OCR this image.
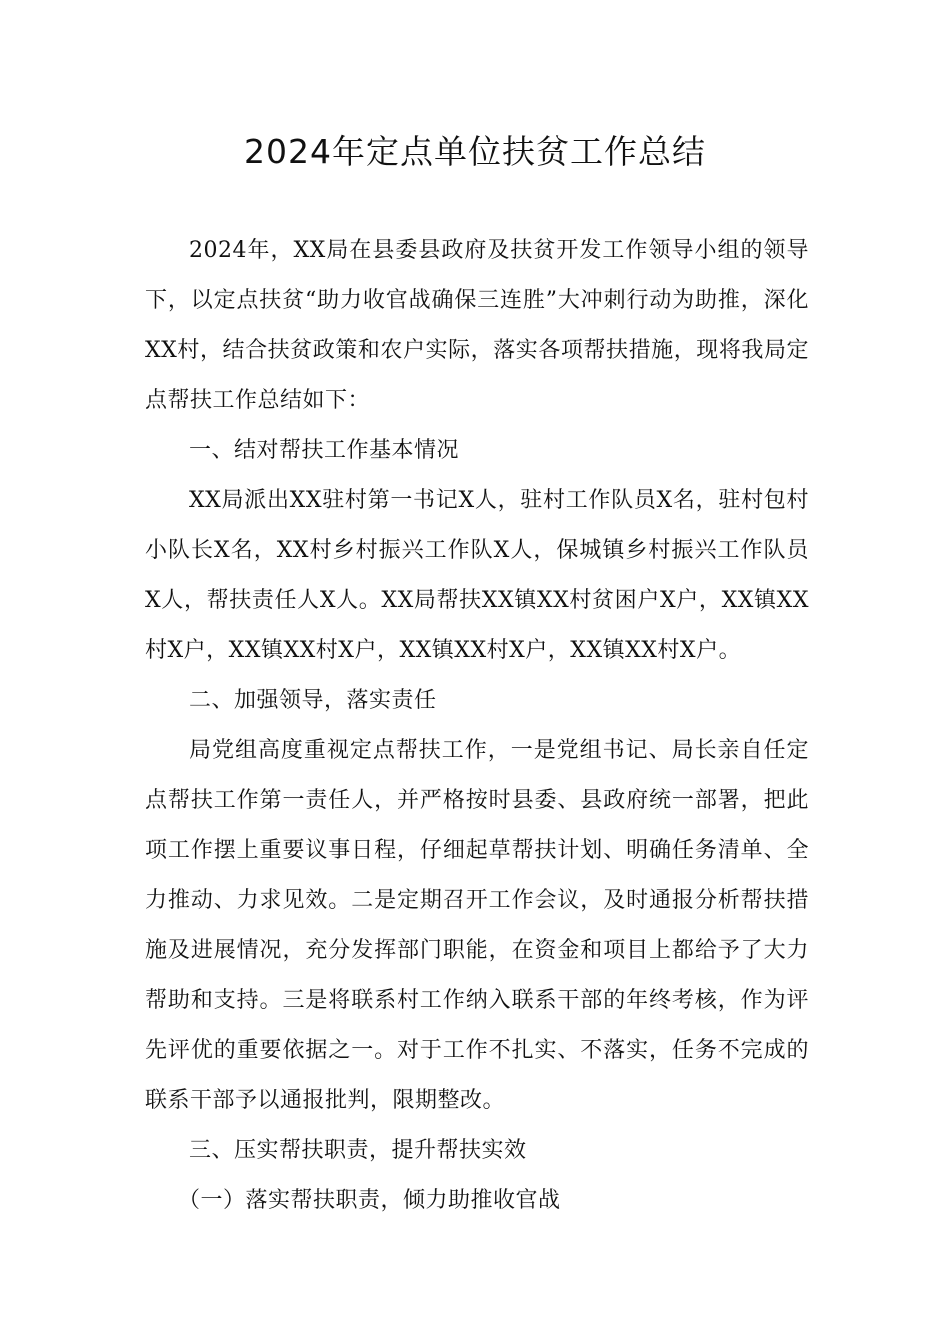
2024年定点单位扶贫工作总结

2024年，XX局在县委县政府及扶贫开发工作领导小组的领导下，以定点扶贫“助力收官战确保三连胜”大冲刺行动为助推，深化XX村，结合扶贫政策和农户实际，落实各项帮扶措施，现将我局定点帮扶工作总结如下：

一、结对帮扶工作基本情况

XX局派出XX驻村第一书记X人，驻村工作队员X名，驻村包村小队长X名，XX村乡村振兴工作队X人，保城镇乡村振兴工作队员X人，帮扶责任人X人。XX局帮扶XX镇XX村贫困户X户，XX镇XX村X户，XX镇XX村X户，XX镇XX村X户，XX镇XX村X户。

二、加强领导，落实责任

局党组高度重视定点帮扶工作，一是党组书记、局长亲自任定点帮扶工作第一责任人，并严格按时县委、县政府统一部署，把此项工作摆上重要议事日程，仔细起草帮扶计划、明确任务清单、全力推动、力求见效。二是定期召开工作会议，及时通报分析帮扶措施及进展情况，充分发挥部门职能，在资金和项目上都给予了大力帮助和支持。三是将联系村工作纳入联系干部的年终考核，作为评先评优的重要依据之一。对于工作不扎实、不落实，任务不完成的联系干部予以通报批判，限期整改。

三、压实帮扶职责，提升帮扶实效

（一）落实帮扶职责，倾力助推收官战
